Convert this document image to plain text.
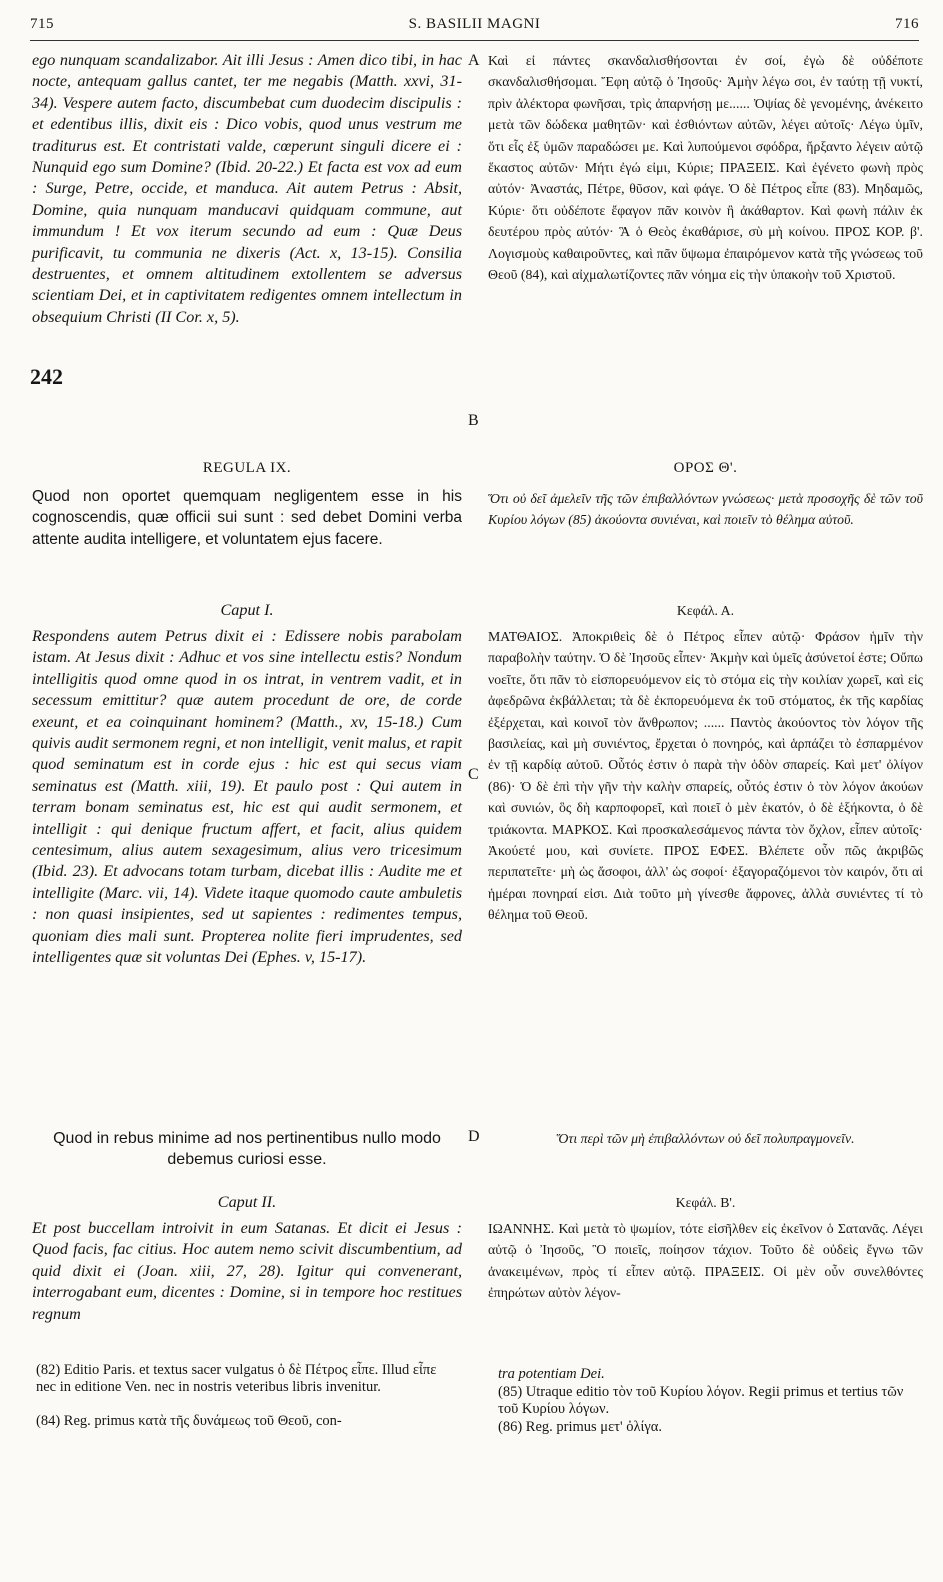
715	S. BASILII MAGNI	716
ego nunquam scandalizabor. Ait illi Jesus : Amen dico tibi, in hac nocte, antequam gallus cantet, ter me negabis (Matth. xxvi, 31-34). Vespere autem facto, discumbebat cum duodecim discipulis : et edentibus illis, dixit eis : Dico vobis, quod unus vestrum me traditurus est. Et contristati valde, cœperunt singuli dicere ei : Nunquid ego sum Domine? (Ibid. 20-22.) Et facta est vox ad eum : Surge, Petre, occide, et manduca. Ait autem Petrus : Absit, Domine, quia nunquam manducavi quidquam commune, aut immundum ! Et vox iterum secundo ad eum : Quæ Deus purificavit, tu communia ne dixeris (Act. x, 13-15). Consilia destruentes, et omnem altitudinem extollentem se adversus scientiam Dei, et in captivitatem redigentes omnem intellectum in obsequium Christi (II Cor. x, 5).
Καὶ εἰ πάντες σκανδαλισθήσονται ἐν σοί, ἐγὼ δὲ οὐδέποτε σκανδαλισθήσομαι. Ἔφη αὐτῷ ὁ Ἰησοῦς· Ἀμὴν λέγω σοι, ἐν ταύτῃ τῇ νυκτί, πρὶν ἀλέκτορα φωνῆσαι, τρὶς ἀπαρνήσῃ με...... Ὀψίας δὲ γενομένης, ἀνέκειτο μετὰ τῶν δώδεκα μαθητῶν· καὶ ἐσθιόντων αὐτῶν, λέγει αὐτοῖς· Λέγω ὑμῖν, ὅτι εἷς ἐξ ὑμῶν παραδώσει με. Καὶ λυπούμενοι σφόδρα, ἤρξαντο λέγειν αὐτῷ ἕκαστος αὐτῶν· Μήτι ἐγώ εἰμι, Κύριε; ΠΡΑΞΕΙΣ. Καὶ ἐγένετο φωνὴ πρὸς αὐτόν· Ἀναστάς, Πέτρε, θῦσον, καὶ φάγε. Ὁ δὲ Πέτρος εἶπε (83). Μηδαμῶς, Κύριε· ὅτι οὐδέποτε ἔφαγον πᾶν κοινὸν ἢ ἀκάθαρτον. Καὶ φωνὴ πάλιν ἐκ δευτέρου πρὸς αὐτόν· Ἃ ὁ Θεὸς ἐκαθάρισε, σὺ μὴ κοίνου. ΠΡΟΣ ΚΟΡ. β'. Λογισμοὺς καθαιροῦντες, καὶ πᾶν ὕψωμα ἐπαιρόμενον κατὰ τῆς γνώσεως τοῦ Θεοῦ (84), καὶ αἰχμαλωτίζοντες πᾶν νόημα εἰς τὴν ὑπακοὴν τοῦ Χριστοῦ.
A
B
242
REGULA IX.	ΟΡΟΣ Θ'.
Quod non oportet quemquam negligentem esse in his cognoscendis, quæ officii sui sunt : sed debet Domini verba attente audita intelligere, et voluntatem ejus facere.
Ὅτι οὐ δεῖ ἀμελεῖν τῆς τῶν ἐπιβαλλόντων γνώσεως· μετὰ προσοχῆς δὲ τῶν τοῦ Κυρίου λόγων (85) ἀκούοντα συνιέναι, καὶ ποιεῖν τὸ θέλημα αὐτοῦ.
Caput I.	Κεφάλ. Α.
Respondens autem Petrus dixit ei : Edissere nobis parabolam istam. At Jesus dixit : Adhuc et vos sine intellectu estis? Nondum intelligitis quod omne quod in os intrat, in ventrem vadit, et in secessum emittitur? quæ autem procedunt de ore, de corde exeunt, et ea coinquinant hominem? (Matth., xv, 15-18.) Cum quivis audit sermonem regni, et non intelligit, venit malus, et rapit quod seminatum est in corde ejus : hic est qui secus viam seminatus est (Matth. xiii, 19). Et paulo post : Qui autem in terram bonam seminatus est, hic est qui audit sermonem, et intelligit : qui denique fructum affert, et facit, alius quidem centesimum, alius autem sexagesimum, alius vero tricesimum (Ibid. 23). Et advocans totam turbam, dicebat illis : Audite me et intelligite (Marc. vii, 14). Videte itaque quomodo caute ambuletis : non quasi insipientes, sed ut sapientes : redimentes tempus, quoniam dies mali sunt. Propterea nolite fieri imprudentes, sed intelligentes quæ sit voluntas Dei (Ephes. v, 15-17).
ΜΑΤΘΑΙΟΣ. Ἀποκριθεὶς δὲ ὁ Πέτρος εἶπεν αὐτῷ· Φράσον ἡμῖν τὴν παραβολὴν ταύτην. Ὁ δὲ Ἰησοῦς εἶπεν· Ἀκμὴν καὶ ὑμεῖς ἀσύνετοί ἐστε; Οὔπω νοεῖτε, ὅτι πᾶν τὸ εἰσπορευόμενον εἰς τὸ στόμα εἰς τὴν κοιλίαν χωρεῖ, καὶ εἰς ἀφεδρῶνα ἐκβάλλεται; τὰ δὲ ἐκπορευόμενα ἐκ τοῦ στόματος, ἐκ τῆς καρδίας ἐξέρχεται, καὶ κοινοῖ τὸν ἄνθρωπον; ...... Παντὸς ἀκούοντος τὸν λόγον τῆς βασιλείας, καὶ μὴ συνιέντος, ἔρχεται ὁ πονηρός, καὶ ἁρπάζει τὸ ἐσπαρμένον ἐν τῇ καρδίᾳ αὐτοῦ. Οὗτός ἐστιν ὁ παρὰ τὴν ὁδὸν σπαρείς. Καὶ μετ' ὀλίγον (86)· Ὁ δὲ ἐπὶ τὴν γῆν τὴν καλὴν σπαρείς, οὗτός ἐστιν ὁ τὸν λόγον ἀκούων καὶ συνιών, ὃς δὴ καρποφορεῖ, καὶ ποιεῖ ὁ μὲν ἑκατόν, ὁ δὲ ἑξήκοντα, ὁ δὲ τριάκοντα. ΜΑΡΚΟΣ. Καὶ προσκαλεσάμενος πάντα τὸν ὄχλον, εἶπεν αὐτοῖς· Ἀκούετέ μου, καὶ συνίετε. ΠΡΟΣ ΕΦΕΣ. Βλέπετε οὖν πῶς ἀκριβῶς περιπατεῖτε· μὴ ὡς ἄσοφοι, ἀλλ' ὡς σοφοί· ἐξαγοραζόμενοι τὸν καιρόν, ὅτι αἱ ἡμέραι πονηραί εἰσι. Διὰ τοῦτο μὴ γίνεσθε ἄφρονες, ἀλλὰ συνιέντες τί τὸ θέλημα τοῦ Θεοῦ.
C
Quod in rebus minime ad nos pertinentibus nullo modo debemus curiosi esse.
Ὅτι περὶ τῶν μὴ ἐπιβαλλόντων οὐ δεῖ πολυπραγμονεῖν.
D
Caput II.	Κεφάλ. Β'.
Et post buccellam introivit in eum Satanas. Et dicit ei Jesus : Quod facis, fac citius. Hoc autem nemo scivit discumbentium, ad quid dixit ei (Joan. xiii, 27, 28). Igitur qui convenerant, interrogabant eum, dicentes : Domine, si in tempore hoc restitues regnum
ΙΩΑΝΝΗΣ. Καὶ μετὰ τὸ ψωμίον, τότε εἰσῆλθεν εἰς ἐκεῖνον ὁ Σατανᾶς. Λέγει αὐτῷ ὁ Ἰησοῦς, Ὃ ποιεῖς, ποίησον τάχιον. Τοῦτο δὲ οὐδεὶς ἔγνω τῶν ἀνακειμένων, πρὸς τί εἶπεν αὐτῷ. ΠΡΑΞΕΙΣ. Οἱ μὲν οὖν συνελθόντες ἐπηρώτων αὐτὸν λέγον-
(82) Editio Paris. et textus sacer vulgatus ὁ δὲ Πέτρος εἶπε. Illud εἶπε nec in editione Ven. nec in nostris veteribus libris invenitur.
(84) Reg. primus κατὰ τῆς δυνάμεως τοῦ Θεοῦ, con-
tra potentiam Dei.
(85) Utraque editio τὸν τοῦ Κυρίου λόγον. Regii primus et tertius τῶν τοῦ Κυρίου λόγων.
(86) Reg. primus μετ' ὀλίγα.
